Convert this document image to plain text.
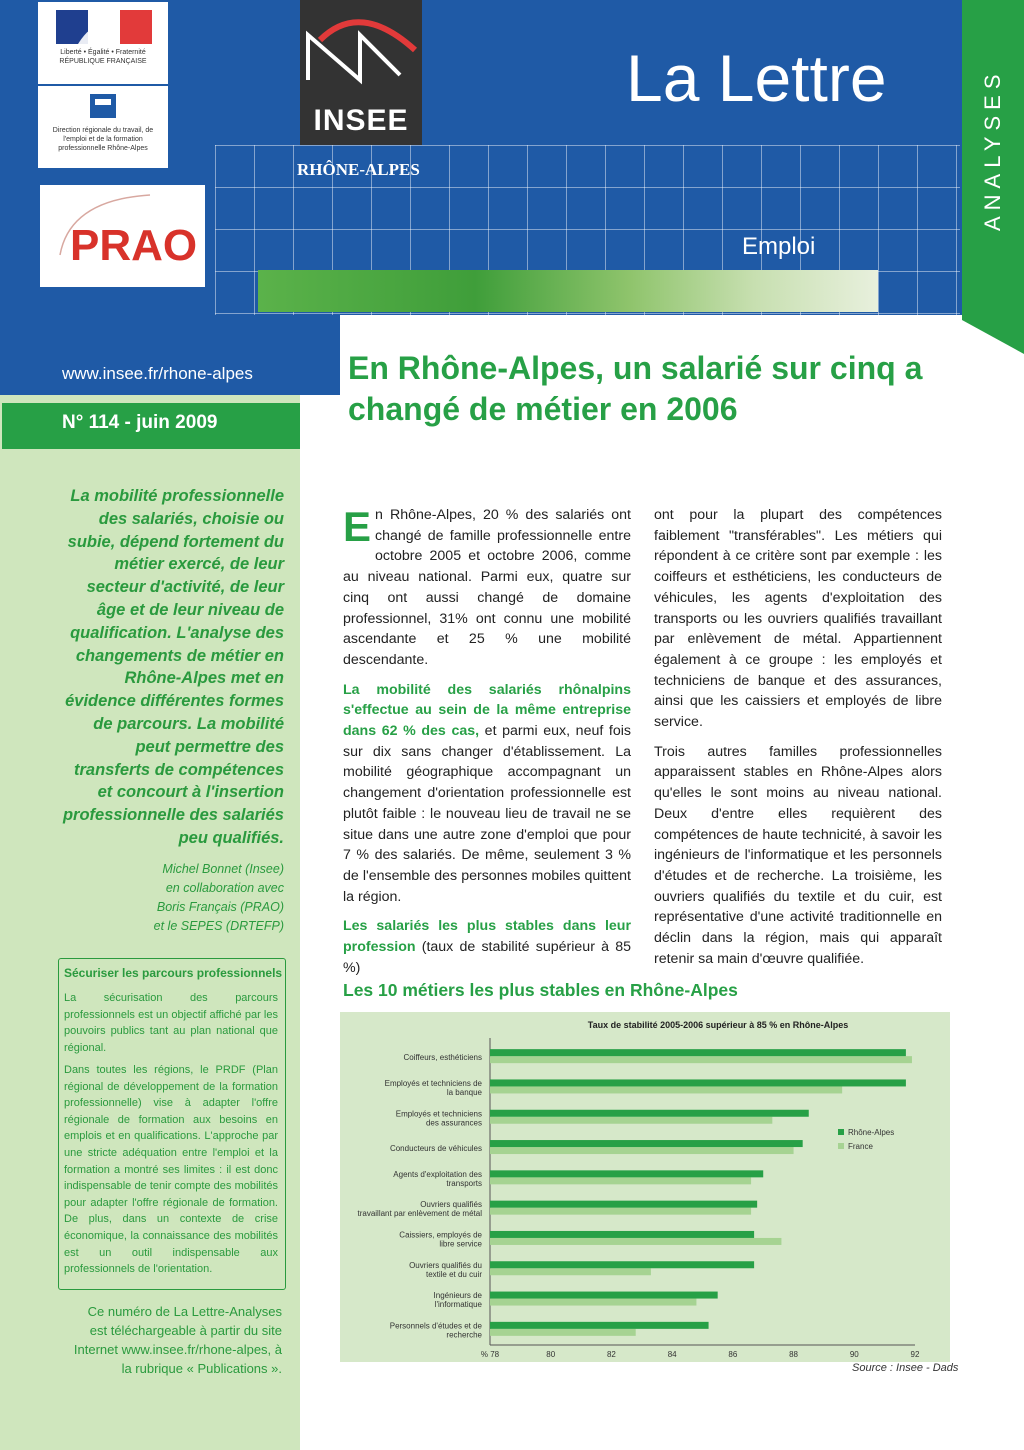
ANALYSES
Liberté • Égalité • Fraternité RÉPUBLIQUE FRANÇAISE
Direction régionale du travail, de l'emploi et de la formation professionnelle Rhône-Alpes
PRAO
INSEE
RHÔNE-ALPES
La Lettre
Emploi
www.insee.fr/rhone-alpes
N° 114 - juin 2009
La mobilité professionnelle des salariés, choisie ou subie, dépend fortement du métier exercé, de leur secteur d'activité, de leur âge et de leur niveau de qualification. L'analyse des changements de métier en Rhône-Alpes met en évidence différentes formes de parcours. La mobilité peut permettre des transferts de compétences et concourt à l'insertion professionnelle des salariés peu qualifiés.
Michel Bonnet (Insee)
en collaboration avec
Boris Français (PRAO)
et le SEPES (DRTEFP)
Sécuriser les parcours professionnels
La sécurisation des parcours professionnels est un objectif affiché par les pouvoirs publics tant au plan national que régional.
Dans toutes les régions, le PRDF (Plan régional de développement de la formation professionnelle) vise à adapter l'offre régionale de formation aux besoins en emplois et en qualifications. L'approche par une stricte adéquation entre l'emploi et la formation a montré ses limites : il est donc indispensable de tenir compte des mobilités pour adapter l'offre régionale de formation. De plus, dans un contexte de crise économique, la connaissance des mobilités est un outil indispensable aux professionnels de l'orientation.
Ce numéro de La Lettre-Analyses est téléchargeable à partir du site Internet www.insee.fr/rhone-alpes, à la rubrique « Publications ».
En Rhône-Alpes, un salarié sur cinq a changé de métier en 2006

En Rhône-Alpes, 20 % des salariés ont changé de famille professionnelle entre octobre 2005 et octobre 2006, comme au niveau national. Parmi eux, quatre sur cinq ont aussi changé de domaine professionnel, 31% ont connu une mobilité ascendante et 25 % une mobilité descendante.

La mobilité des salariés rhônalpins s'effectue au sein de la même entreprise dans 62 % des cas, et parmi eux, neuf fois sur dix sans changer d'établissement. La mobilité géographique accompagnant un changement d'orientation professionnelle est plutôt faible : le nouveau lieu de travail ne se situe dans une autre zone d'emploi que pour 7 % des salariés. De même, seulement 3 % de l'ensemble des personnes mobiles quittent la région.

Les salariés les plus stables dans leur profession (taux de stabilité supérieur à 85 %)

ont pour la plupart des compétences faiblement "transférables". Les métiers qui répondent à ce critère sont par exemple : les coiffeurs et esthéticiens, les conducteurs de véhicules, les agents d'exploitation des transports ou les ouvriers qualifiés travaillant par enlèvement de métal. Appartiennent également à ce groupe : les employés et techniciens de banque et des assurances, ainsi que les caissiers et employés de libre service.

Trois autres familles professionnelles apparaissent stables en Rhône-Alpes alors qu'elles le sont moins au niveau national. Deux d'entre elles requièrent des compétences de haute technicité, à savoir les ingénieurs de l'informatique et les personnels d'études et de recherche. La troisième, les ouvriers qualifiés du textile et du cuir, est représentative d'une activité traditionnelle en déclin dans la région, mais qui apparaît retenir sa main d'œuvre qualifiée.

Les 10 métiers les plus stables en Rhône-Alpes
Taux de stabilité 2005-2006 supérieur à 85 % en Rhône-Alpes
Coiffeurs, esthéticiens
Employés et techniciens de
la banque
Employés et techniciens
des assurances
Conducteurs de véhicules
Agents d'exploitation des
transports
Ouvriers qualifiés
travaillant par enlèvement de métal
Caissiers, employés de
libre service
Ouvriers qualifiés du
textile et du cuir
Ingénieurs de
l'informatique
Personnels d'études et de
recherche
% 78	80	82	84	86	88	90	92
Rhône-Alpes
France
Source : Insee - Dads
